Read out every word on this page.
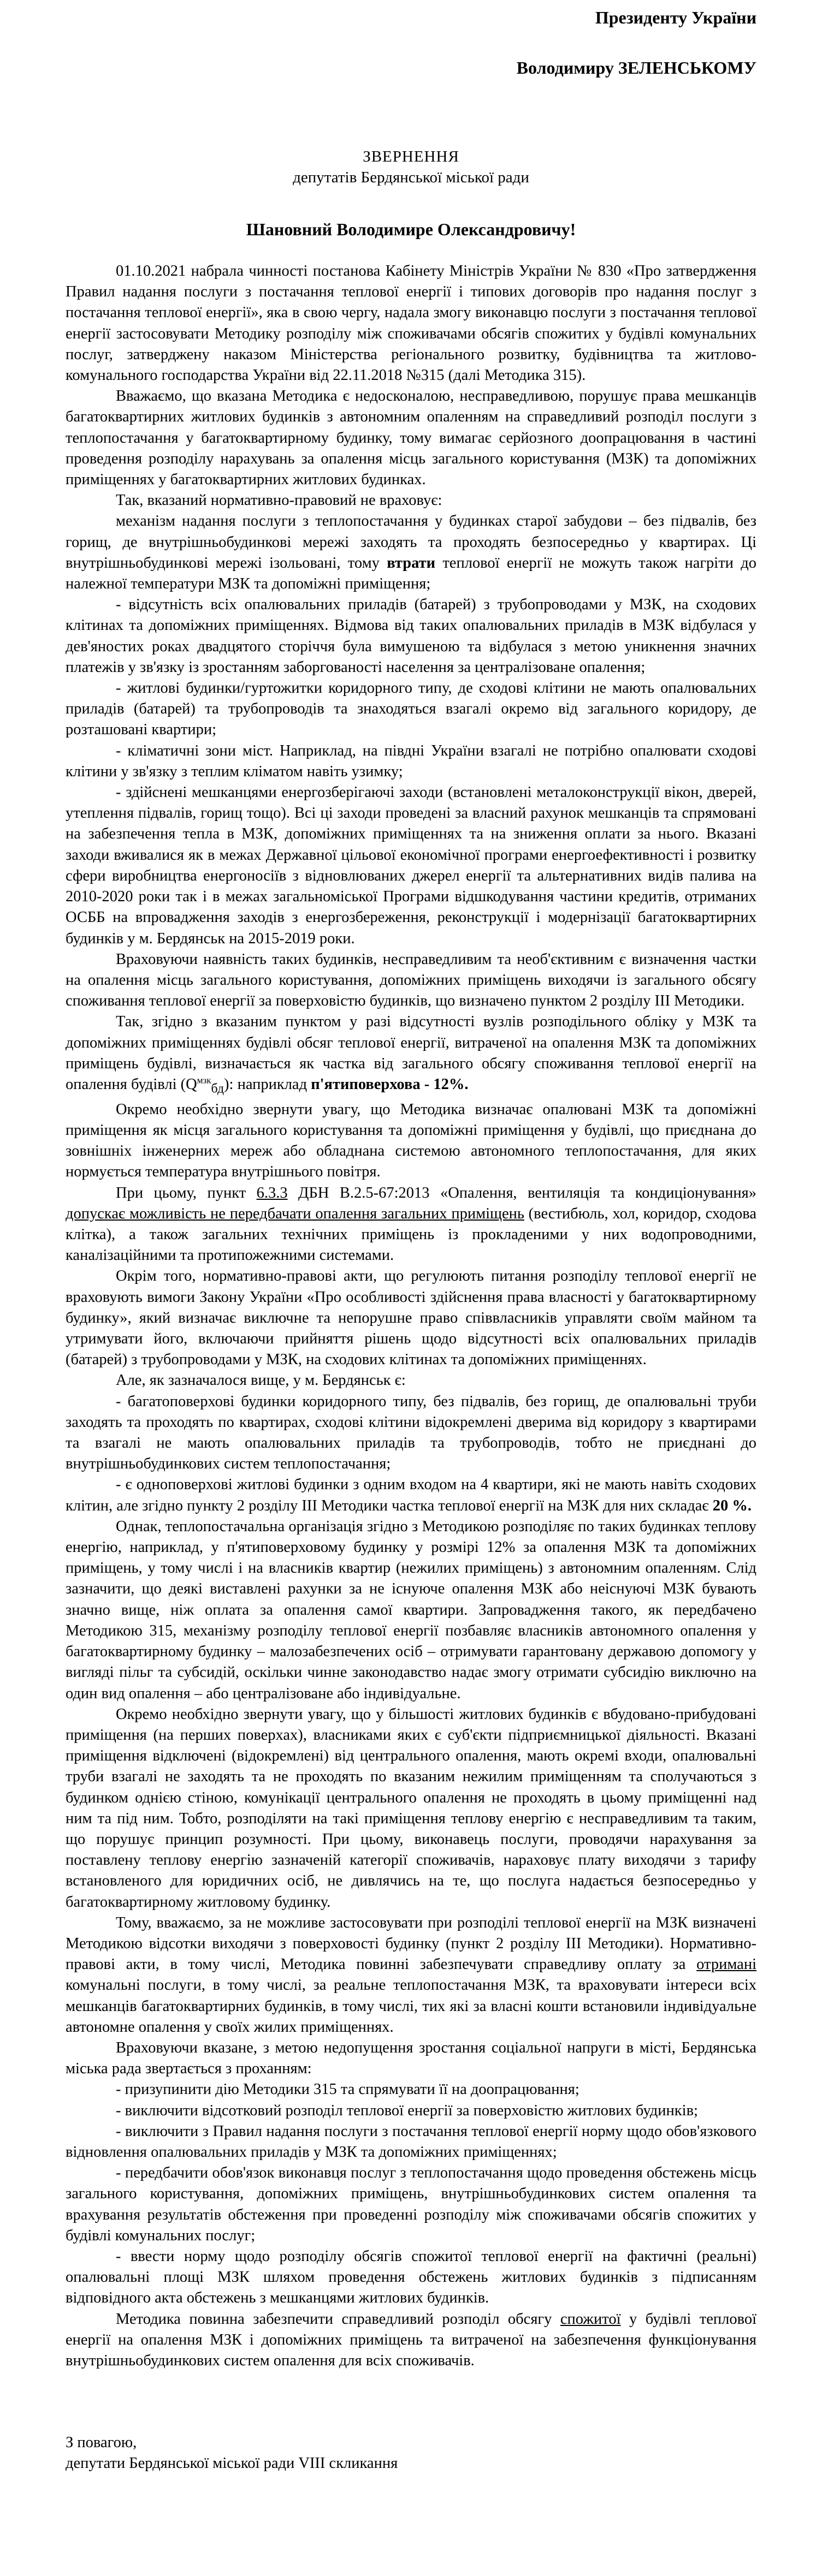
Президенту України
Володимиру ЗЕЛЕНСЬКОМУ
ЗВЕРНЕННЯ
депутатів Бердянської міської ради
Шановний Володимире Олександровичу!

01.10.2021 набрала чинності постанова Кабінету Міністрів України № 830 «Про затвердження Правил надання послуги з постачання теплової енергії і типових договорів про надання послуг з постачання теплової енергії», яка в свою чергу, надала змогу виконавцю послуги з постачання теплової енергії застосовувати Методику розподілу між споживачами обсягів спожитих у будівлі комунальних послуг, затверджену наказом Міністерства регіонального розвитку, будівництва та житлово-комунального господарства України від 22.11.2018 №315 (далі Методика 315).

Вважаємо, що вказана Методика є недосконалою, несправедливою, порушує права мешканців багатоквартирних житлових будинків з автономним опаленням на справедливий розподіл послуги з теплопостачання у багатоквартирному будинку, тому вимагає серйозного доопрацювання в частині проведення розподілу нарахувань за опалення місць загального користування (МЗК) та допоміжних приміщеннях у багатоквартирних житлових будинках.

Так, вказаний нормативно-правовий не враховує:

механізм надання послуги з теплопостачання у будинках старої забудови – без підвалів, без горищ, де внутрішньобудинкові мережі заходять та проходять безпосередньо у квартирах. Ці внутрішньобудинкові мережі ізольовані, тому втрати теплової енергії не можуть також нагріти до належної температури МЗК та допоміжні приміщення;

- відсутність всіх опалювальних приладів (батарей) з трубопроводами у МЗК, на сходових клітинах та допоміжних приміщеннях. Відмова від таких опалювальних приладів в МЗК відбулася у дев'яностих роках двадцятого сторіччя була вимушеною та відбулася з метою уникнення значних платежів у зв'язку із зростанням заборгованості населення за централізоване опалення;

- житлові будинки/гуртожитки коридорного типу, де сходові клітини не мають опалювальних приладів (батарей) та трубопроводів та знаходяться взагалі окремо від загального коридору, де розташовані квартири;

- кліматичні зони міст. Наприклад, на півдні України взагалі не потрібно опалювати сходові клітини у зв'язку з теплим кліматом навіть узимку;

- здійснені мешканцями енергозберігаючі заходи (встановлені металоконструкції вікон, дверей, утеплення підвалів, горищ тощо). Всі ці заходи проведені за власний рахунок мешканців та спрямовані на забезпечення тепла в МЗК, допоміжних приміщеннях та на зниження оплати за нього. Вказані заходи вживалися як в межах Державної цільової економічної програми енергоефективності і розвитку сфери виробництва енергоносіїв з відновлюваних джерел енергії та альтернативних видів палива на 2010-2020 роки так і в межах загальноміської Програми відшкодування частини кредитів, отриманих ОСББ на впровадження заходів з енергозбереження, реконструкції і модернізації багатоквартирних будинків у м. Бердянськ на 2015-2019 роки.

Враховуючи наявність таких будинків, несправедливим та необ'єктивним є визначення частки на опалення місць загального користування, допоміжних приміщень виходячи із загального обсягу споживання теплової енергії за поверховістю будинків, що визначено пунктом 2 розділу III Методики.

Так, згідно з вказаним пунктом у разі відсутності вузлів розподільного обліку у МЗК та допоміжних приміщеннях будівлі обсяг теплової енергії, витраченої на опалення МЗК та допоміжних приміщень будівлі, визначається як частка від загального обсягу споживання теплової енергії на опалення будівлі $(Q^{мзк}_{бд})$: наприклад п'ятиповерхова - 12%.

Окремо необхідно звернути увагу, що Методика визначає опалювані МЗК та допоміжні приміщення як місця загального користування та допоміжні приміщення у будівлі, що приєднана до зовнішніх інженерних мереж або обладнана системою автономного теплопостачання, для яких нормується температура внутрішнього повітря.

При цьому, пункт 6.3.3 ДБН В.2.5-67:2013 «Опалення, вентиляція та кондиціонування» допускає можливість не передбачати опалення загальних приміщень (вестибюль, хол, коридор, сходова клітка), а також загальних технічних приміщень із прокладеними у них водопроводними, каналізаційними та протипожежними системами.

Окрім того, нормативно-правові акти, що регулюють питання розподілу теплової енергії не враховують вимоги Закону України «Про особливості здійснення права власності у багатоквартирному будинку», який визначає виключне та непорушне право співвласників управляти своїм майном та утримувати його, включаючи прийняття рішень щодо відсутності всіх опалювальних приладів (батарей) з трубопроводами у МЗК, на сходових клітинах та допоміжних приміщеннях.

Але, як зазначалося вище, у м. Бердянськ є:

- багатоповерхові будинки коридорного типу, без підвалів, без горищ, де опалювальні труби заходять та проходять по квартирах, сходові клітини відокремлені дверима від коридору з квартирами та взагалі не мають опалювальних приладів та трубопроводів, тобто не приєднані до внутрішньобудинкових систем теплопостачання;

- є одноповерхові житлові будинки з одним входом на 4 квартири, які не мають навіть сходових клітин, але згідно пункту 2 розділу III Методики частка теплової енергії на МЗК для них складає 20 %.

Однак, теплопостачальна організація згідно з Методикою розподіляє по таких будинках теплову енергію, наприклад, у п'ятиповерховому будинку у розмірі 12% за опалення МЗК та допоміжних приміщень, у тому числі і на власників квартир (нежилих приміщень) з автономним опаленням. Слід зазначити, що деякі виставлені рахунки за не існуюче опалення МЗК або неіснуючі МЗК бувають значно вище, ніж оплата за опалення самої квартири. Запровадження такого, як передбачено Методикою 315, механізму розподілу теплової енергії позбавляє власників автономного опалення у багатоквартирному будинку – малозабезпечених осіб – отримувати гарантовану державою допомогу у вигляді пільг та субсидій, оскільки чинне законодавство надає змогу отримати субсидію виключно на один вид опалення – або централізоване або індивідуальне.

Окремо необхідно звернути увагу, що у більшості житлових будинків є вбудовано-прибудовані приміщення (на перших поверхах), власниками яких є суб'єкти підприємницької діяльності. Вказані приміщення відключені (відокремлені) від центрального опалення, мають окремі входи, опалювальні труби взагалі не заходять та не проходять по вказаним нежилим приміщенням та сполучаються з будинком однією стіною, комунікації центрального опалення не проходять в цьому приміщенні над ним та під ним. Тобто, розподіляти на такі приміщення теплову енергію є несправедливим та таким, що порушує принцип розумності. При цьому, виконавець послуги, проводячи нарахування за поставлену теплову енергію зазначеній категорії споживачів, нараховує плату виходячи з тарифу встановленого для юридичних осіб, не дивлячись на те, що послуга надається безпосередньо у багатоквартирному житловому будинку.

Тому, вважаємо, за не можливе застосовувати при розподілі теплової енергії на МЗК визначені Методикою відсотки виходячи з поверховості будинку (пункт 2 розділу III Методики). Нормативно-правові акти, в тому числі, Методика повинні забезпечувати справедливу оплату за отримані комунальні послуги, в тому числі, за реальне теплопостачання МЗК, та враховувати інтереси всіх мешканців багатоквартирних будинків, в тому числі, тих які за власні кошти встановили індивідуальне автономне опалення у своїх жилих приміщеннях.

Враховуючи вказане, з метою недопущення зростання соціальної напруги в місті, Бердянська міська рада звертається з проханням:

- призупинити дію Методики 315 та спрямувати її на доопрацювання;

- виключити відсотковий розподіл теплової енергії за поверховістю житлових будинків;

- виключити з Правил надання послуги з постачання теплової енергії норму щодо обов'язкового відновлення опалювальних приладів у МЗК та допоміжних приміщеннях;

- передбачити обов'язок виконавця послуг з теплопостачання щодо проведення обстежень місць загального користування, допоміжних приміщень, внутрішньобудинкових систем опалення та врахування результатів обстеження при проведенні розподілу між споживачами обсягів спожитих у будівлі комунальних послуг;

- ввести норму щодо розподілу обсягів спожитої теплової енергії на фактичні (реальні) опалювальні площі МЗК шляхом проведення обстежень житлових будинків з підписанням відповідного акта обстежень з мешканцями житлових будинків.

Методика повинна забезпечити справедливий розподіл обсягу спожитої у будівлі теплової енергії на опалення МЗК і допоміжних приміщень та витраченої на забезпечення функціонування внутрішньобудинкових систем опалення для всіх споживачів.

З повагою,

депутати Бердянської міської ради VIII скликання
